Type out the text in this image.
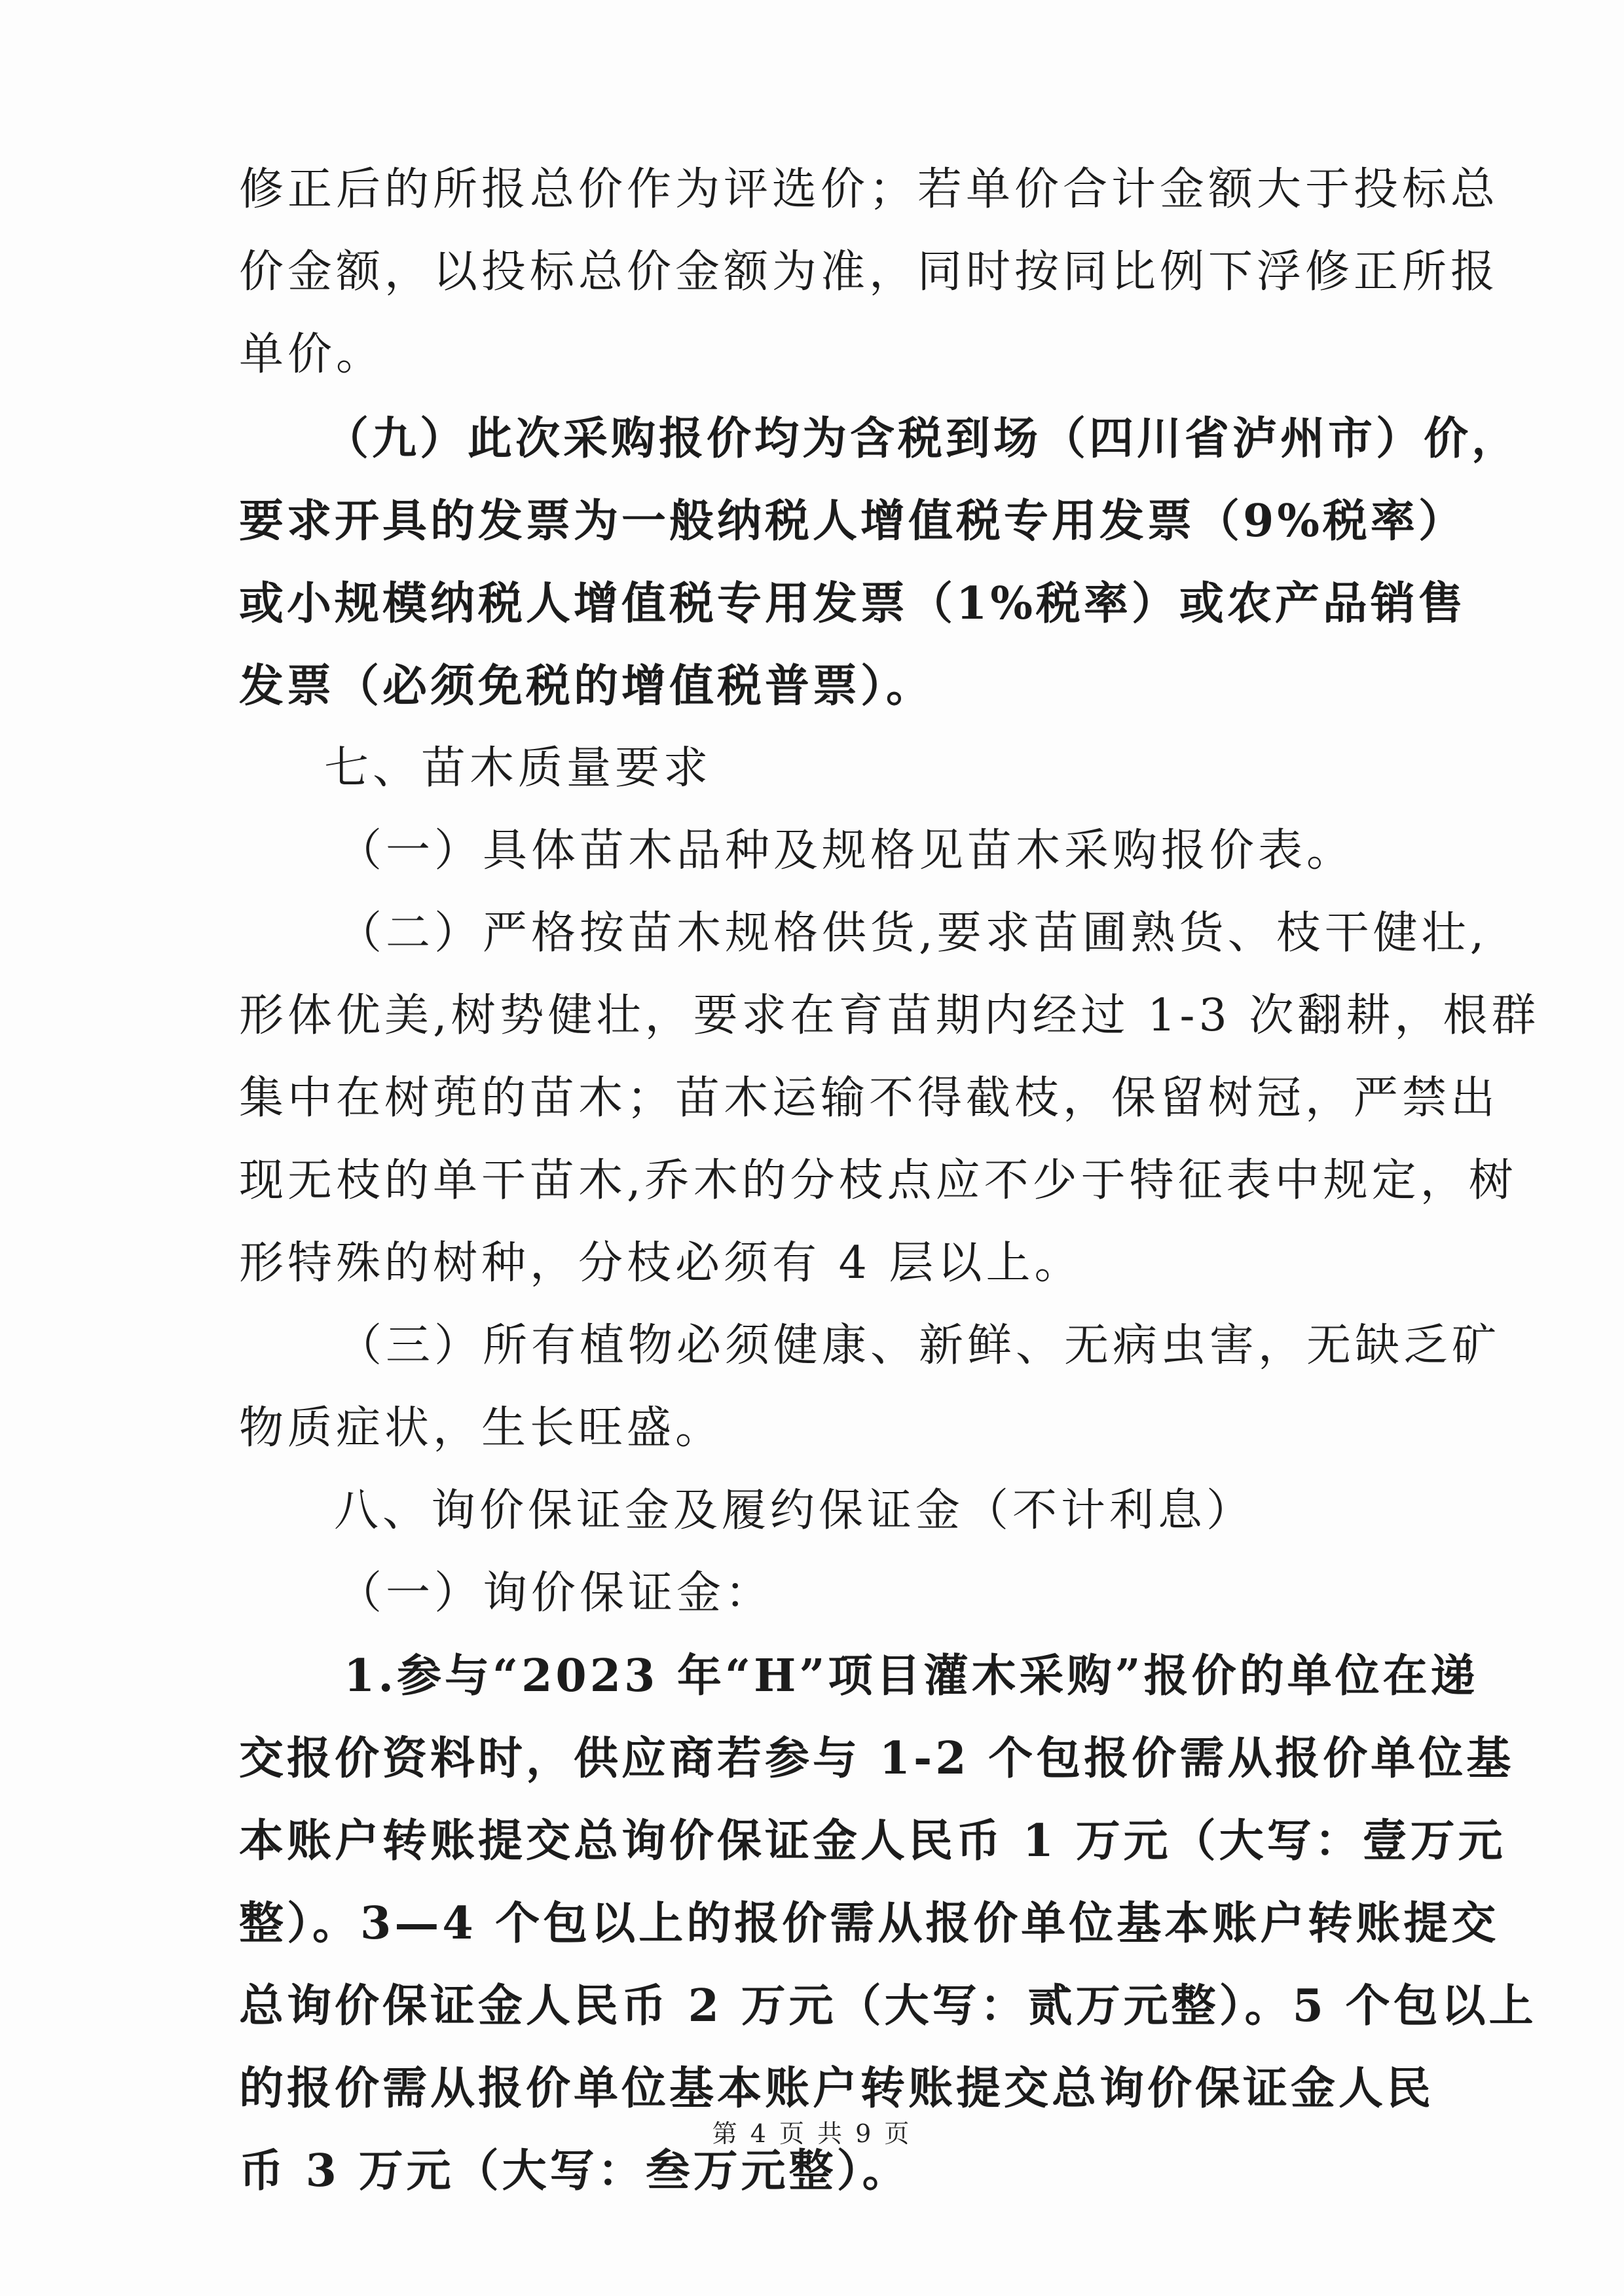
修正后的所报总价作为评选价；若单价合计金额大于投标总
价金额，以投标总价金额为准，同时按同比例下浮修正所报
单价。
（九）此次采购报价均为含税到场（四川省泸州市）价，
要求开具的发票为一般纳税人增值税专用发票（9%税率）
或小规模纳税人增值税专用发票（1%税率）或农产品销售
发票（必须免税的增值税普票）。
七、苗木质量要求
（一）具体苗木品种及规格见苗木采购报价表。
（二）严格按苗木规格供货,要求苗圃熟货、枝干健壮,
形体优美,树势健壮，要求在育苗期内经过 1-3 次翻耕，根群
集中在树蔸的苗木；苗木运输不得截枝，保留树冠，严禁出
现无枝的单干苗木,乔木的分枝点应不少于特征表中规定，树
形特殊的树种，分枝必须有 4 层以上。
（三）所有植物必须健康、新鲜、无病虫害，无缺乏矿
物质症状，生长旺盛。
八、询价保证金及履约保证金（不计利息）
（一）询价保证金：
1.参与“2023 年“H”项目灌木采购”报价的单位在递
交报价资料时，供应商若参与 1-2 个包报价需从报价单位基
本账户转账提交总询价保证金人民币 1 万元（大写：壹万元
整）。3—4 个包以上的报价需从报价单位基本账户转账提交
总询价保证金人民币 2 万元（大写：贰万元整）。5 个包以上
的报价需从报价单位基本账户转账提交总询价保证金人民
币 3 万元（大写：叁万元整）。
第 4 页 共 9 页
